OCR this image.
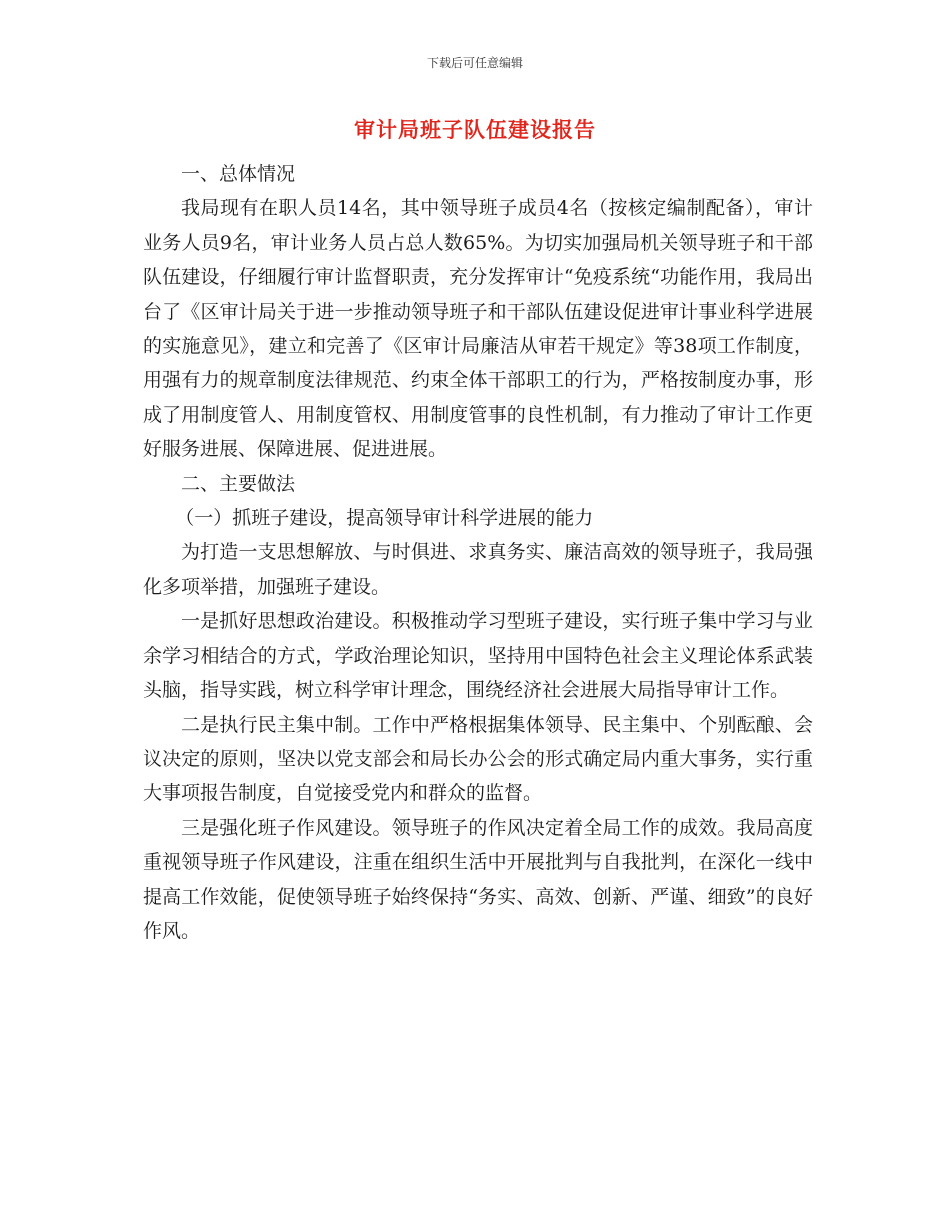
下载后可任意编辑
审计局班子队伍建设报告

一、总体情况

我局现有在职人员14名，其中领导班子成员4名（按核定编制配备），审计业务人员9名，审计业务人员占总人数65%。为切实加强局机关领导班子和干部队伍建设，仔细履行审计监督职责，充分发挥审计“免疫系统“功能作用，我局出台了《区审计局关于进一步推动领导班子和干部队伍建设促进审计事业科学进展的实施意见》，建立和完善了《区审计局廉洁从审若干规定》等38项工作制度，用强有力的规章制度法律规范、约束全体干部职工的行为，严格按制度办事，形成了用制度管人、用制度管权、用制度管事的良性机制，有力推动了审计工作更好服务进展、保障进展、促进进展。

二、主要做法

（一）抓班子建设，提高领导审计科学进展的能力

为打造一支思想解放、与时俱进、求真务实、廉洁高效的领导班子，我局强化多项举措，加强班子建设。

一是抓好思想政治建设。积极推动学习型班子建设，实行班子集中学习与业余学习相结合的方式，学政治理论知识，坚持用中国特色社会主义理论体系武装头脑，指导实践，树立科学审计理念，围绕经济社会进展大局指导审计工作。

二是执行民主集中制。工作中严格根据集体领导、民主集中、个别酝酿、会议决定的原则，坚决以党支部会和局长办公会的形式确定局内重大事务，实行重大事项报告制度，自觉接受党内和群众的监督。

三是强化班子作风建设。领导班子的作风决定着全局工作的成效。我局高度重视领导班子作风建设，注重在组织生活中开展批判与自我批判，在深化一线中提高工作效能，促使领导班子始终保持“务实、高效、创新、严谨、细致”的良好作风。
